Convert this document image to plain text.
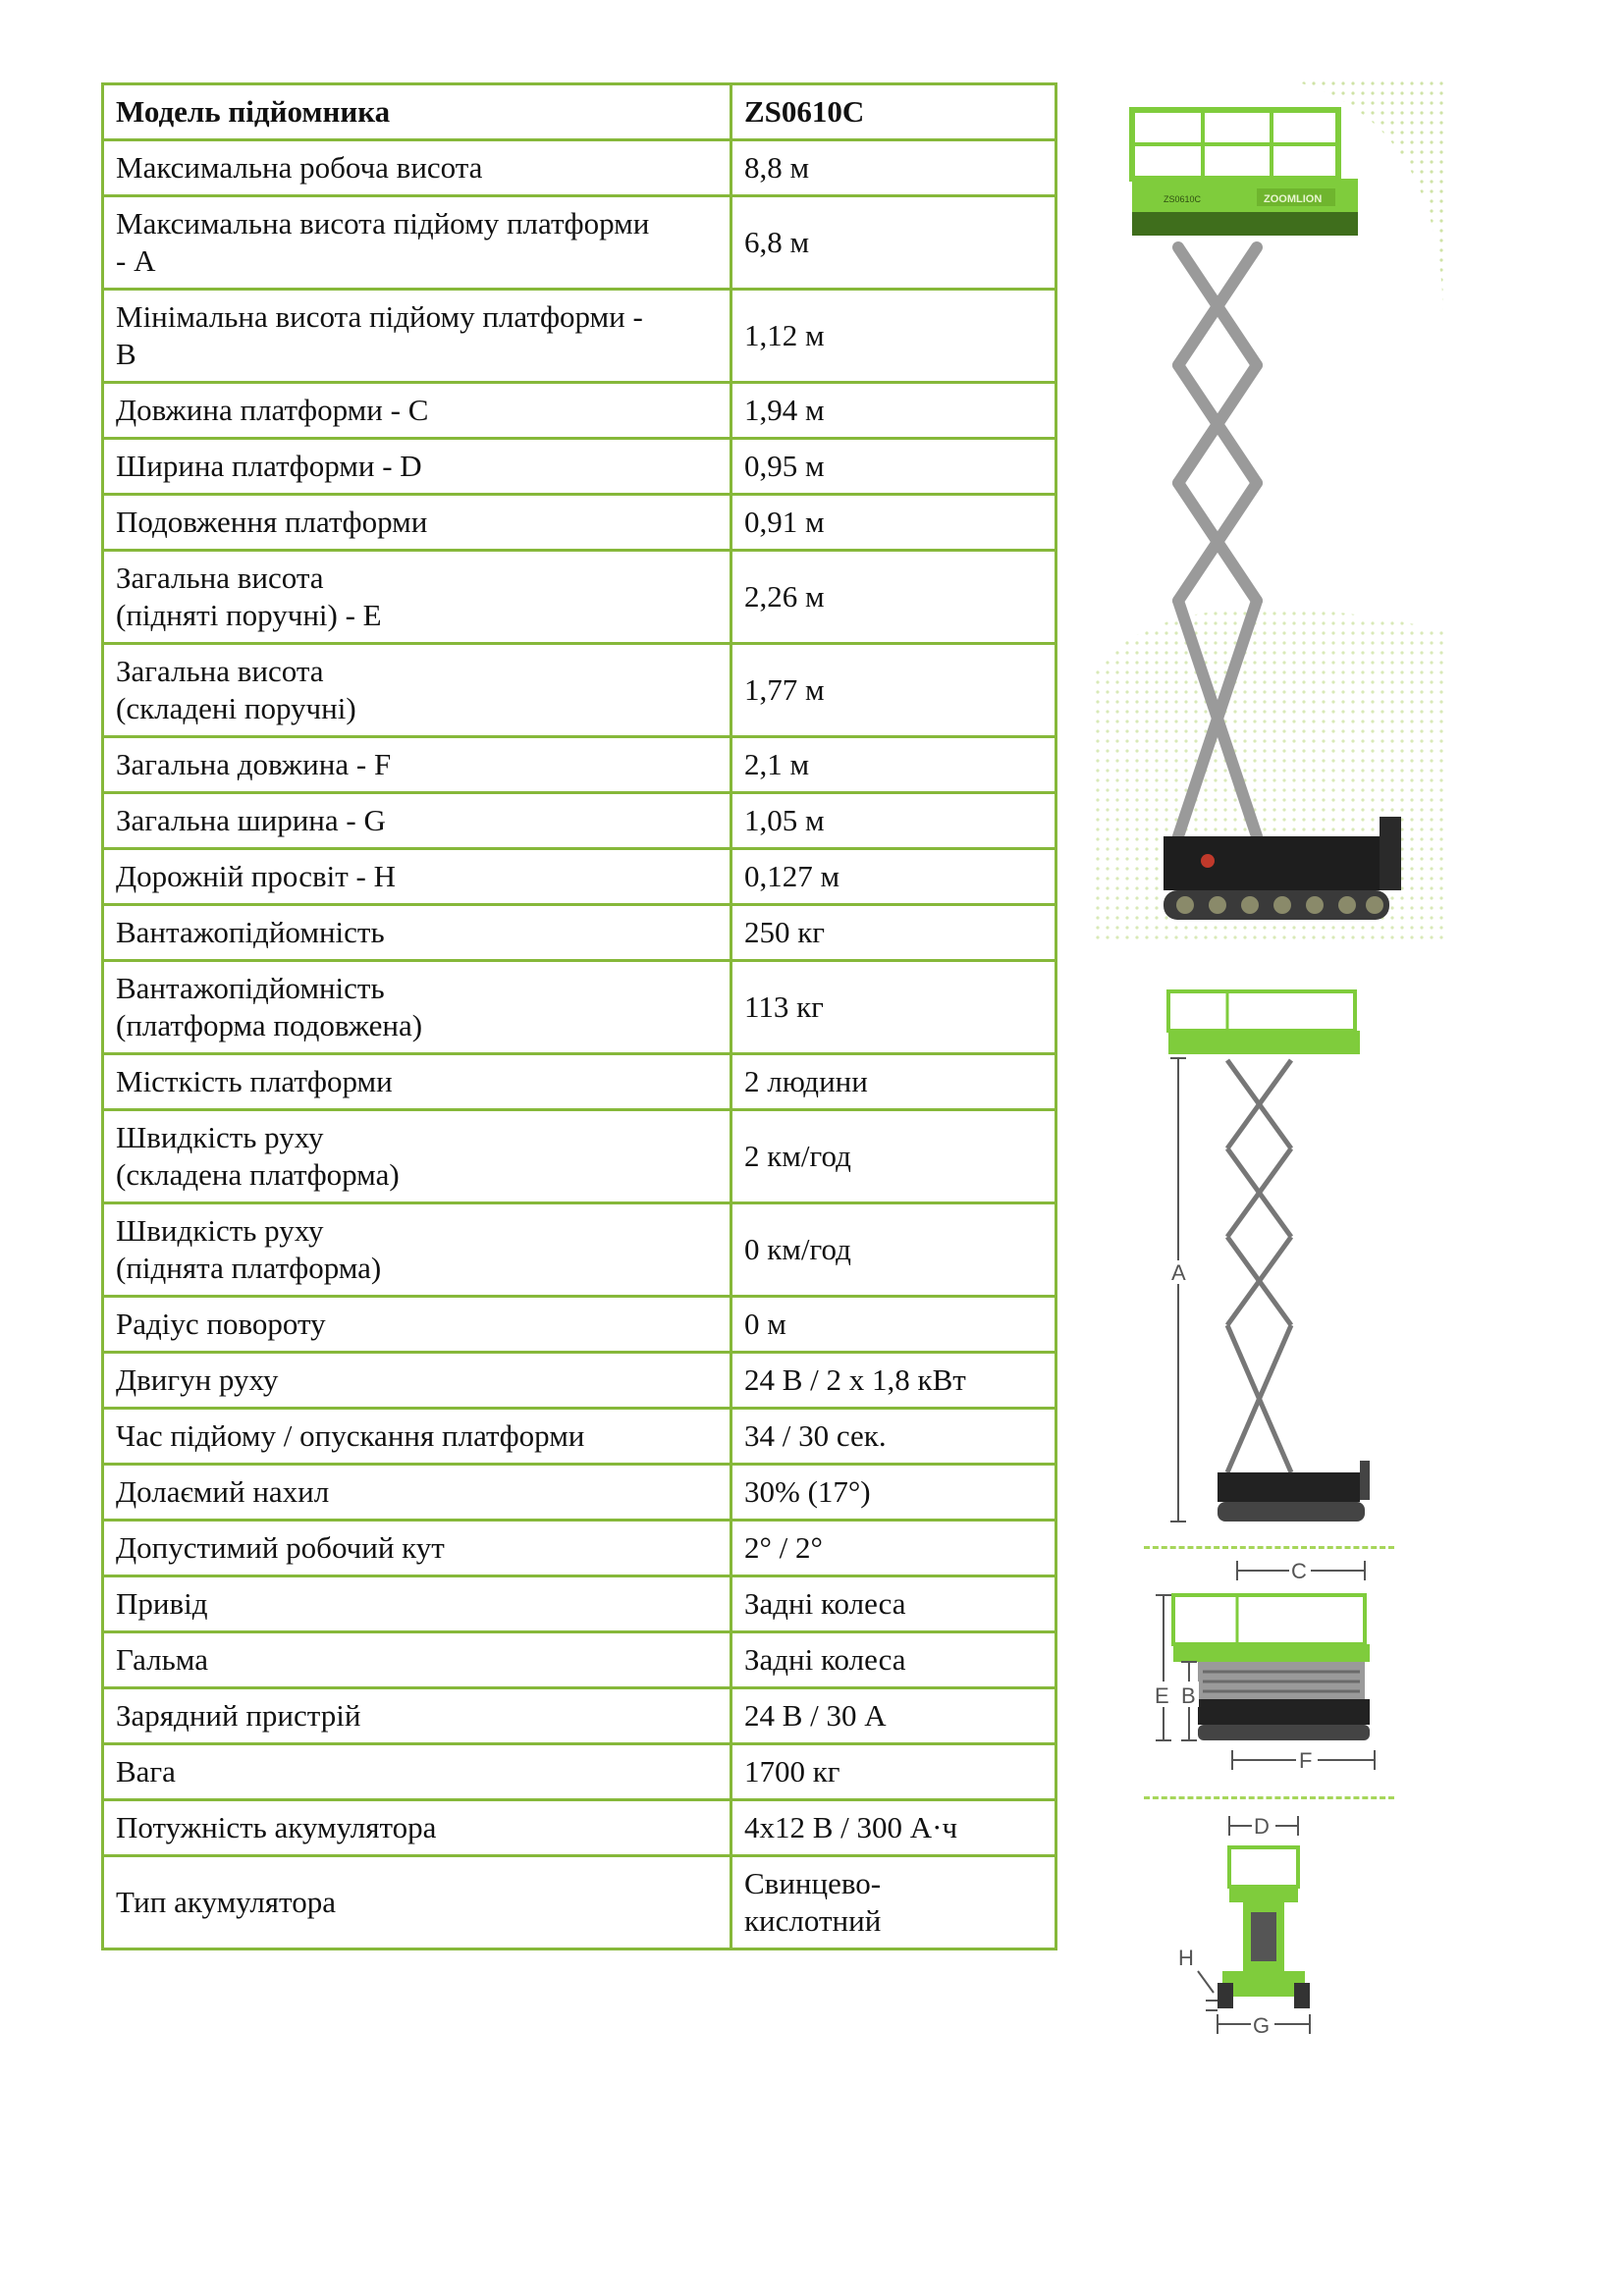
Модель підйомника	ZS0610C
Максимальна робоча висота	8,8 м
Максимальна висота підйому платформи
- A	6,8 м
Мінімальна висота підйому платформи -
B	1,12 м
Довжина платформи - C	1,94 м
Ширина платформи - D	0,95 м
Подовження платформи	0,91 м
Загальна висота
(підняті поручні) - E	2,26 м
Загальна висота
(складені поручні)	1,77 м
Загальна довжина - F	2,1 м
Загальна ширина - G	1,05 м
Дорожній просвіт - H	0,127 м
Вантажопідйомність	250 кг
Вантажопідйомність
(платформа подовжена)	113 кг
Місткість платформи	2 людини
Швидкість руху
(складена платформа)	2 км/год
Швидкість руху
(піднята платформа)	0 км/год
Радіус повороту	0 м
Двигун руху	24 В / 2 х 1,8 кВт
Час підйому / опускання платформи	34 / 30 сек.
Долаємий нахил	30% (17°)
Допустимий робочий кут	2° / 2°
Привід	Задні колеса
Гальма	Задні колеса
Зарядний пристрій	24 В / 30 А
Вага	1700 кг
Потужність акумулятора	4х12 В / 300 А·ч
Тип акумулятора	Свинцево-
кислотний
ZS0610C	ZOOMLION
A
C
E B
F
D
H
G
